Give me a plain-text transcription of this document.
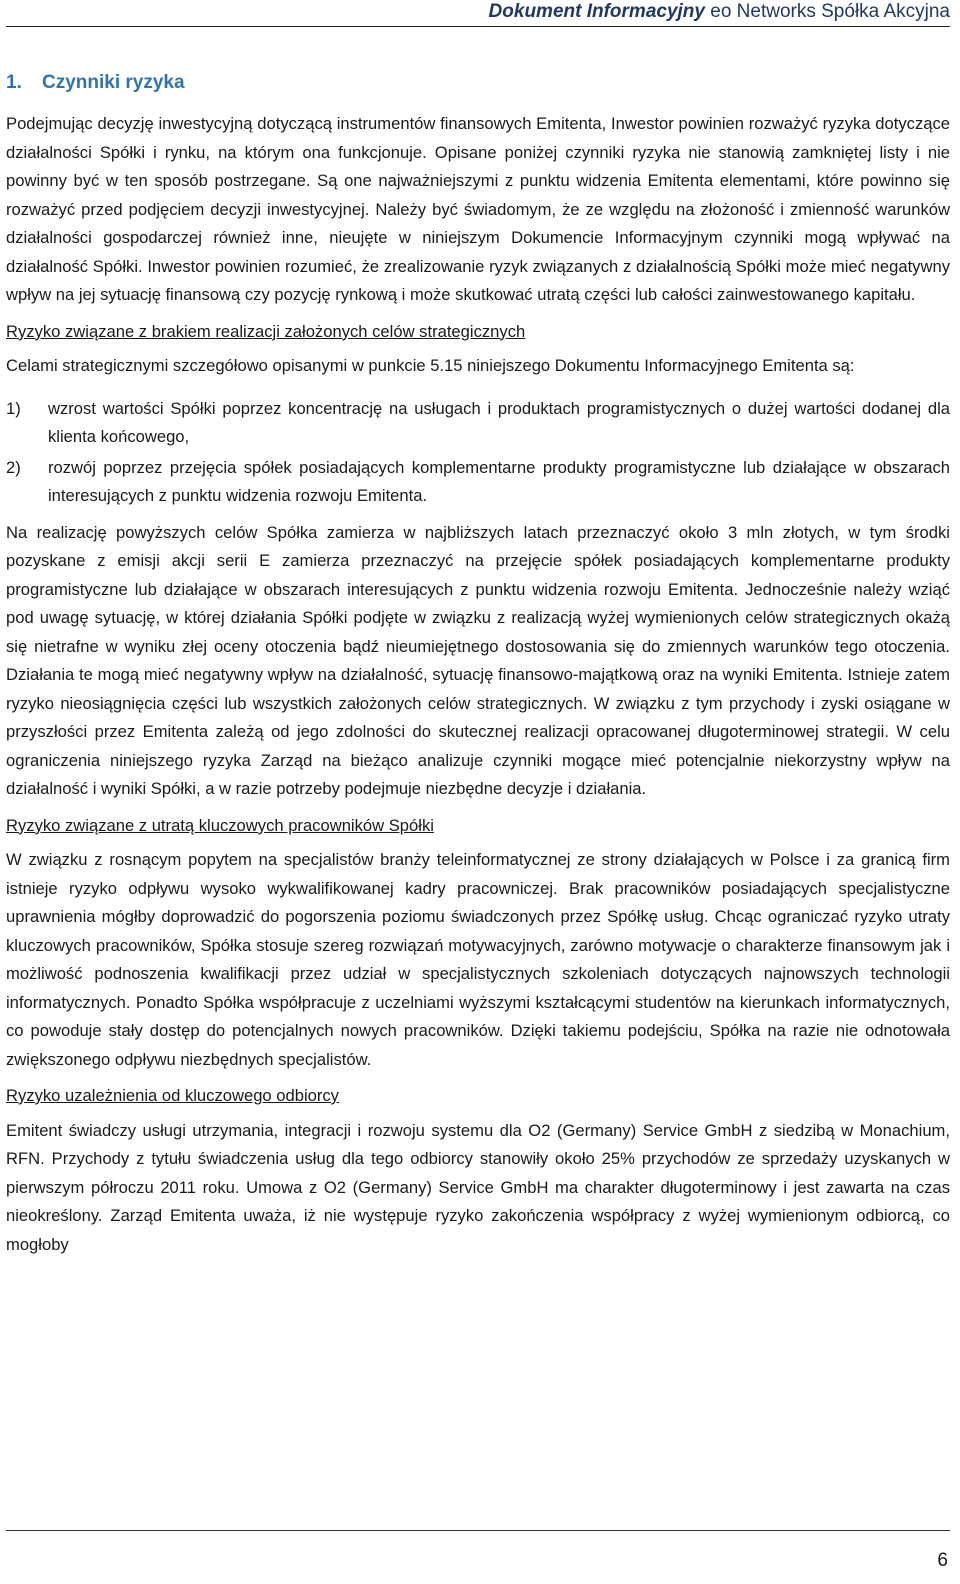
Dokument Informacyjny eo Networks Spółka Akcyjna
1. Czynniki ryzyka

Podejmując decyzję inwestycyjną dotyczącą instrumentów finansowych Emitenta, Inwestor powinien rozważyć ryzyka dotyczące działalności Spółki i rynku, na którym ona funkcjonuje. Opisane poniżej czynniki ryzyka nie stanowią zamkniętej listy i nie powinny być w ten sposób postrzegane. Są one najważniejszymi z punktu widzenia Emitenta elementami, które powinno się rozważyć przed podjęciem decyzji inwestycyjnej. Należy być świadomym, że ze względu na złożoność i zmienność warunków działalności gospodarczej również inne, nieujęte w niniejszym Dokumencie Informacyjnym czynniki mogą wpływać na działalność Spółki. Inwestor powinien rozumieć, że zrealizowanie ryzyk związanych z działalnością Spółki może mieć negatywny wpływ na jej sytuację finansową czy pozycję rynkową i może skutkować utratą części lub całości zainwestowanego kapitału.

Ryzyko związane z brakiem realizacji założonych celów strategicznych

Celami strategicznymi szczegółowo opisanymi w punkcie 5.15 niniejszego Dokumentu Informacyjnego Emitenta są:

1) wzrost wartości Spółki poprzez koncentrację na usługach i produktach programistycznych o dużej wartości dodanej dla klienta końcowego,
2) rozwój poprzez przejęcia spółek posiadających komplementarne produkty programistyczne lub działające w obszarach interesujących z punktu widzenia rozwoju Emitenta.

Na realizację powyższych celów Spółka zamierza w najbliższych latach przeznaczyć około 3 mln złotych, w tym środki pozyskane z emisji akcji serii E zamierza przeznaczyć na przejęcie spółek posiadających komplementarne produkty programistyczne lub działające w obszarach interesujących z punktu widzenia rozwoju Emitenta. Jednocześnie należy wziąć pod uwagę sytuację, w której działania Spółki podjęte w związku z realizacją wyżej wymienionych celów strategicznych okażą się nietrafne w wyniku złej oceny otoczenia bądź nieumiejętnego dostosowania się do zmiennych warunków tego otoczenia. Działania te mogą mieć negatywny wpływ na działalność, sytuację finansowo-majątkową oraz na wyniki Emitenta. Istnieje zatem ryzyko nieosiągnięcia części lub wszystkich założonych celów strategicznych. W związku z tym przychody i zyski osiągane w przyszłości przez Emitenta zależą od jego zdolności do skutecznej realizacji opracowanej długoterminowej strategii. W celu ograniczenia niniejszego ryzyka Zarząd na bieżąco analizuje czynniki mogące mieć potencjalnie niekorzystny wpływ na działalność i wyniki Spółki, a w razie potrzeby podejmuje niezbędne decyzje i działania.

Ryzyko związane z utratą kluczowych pracowników Spółki

W związku z rosnącym popytem na specjalistów branży teleinformatycznej ze strony działających w Polsce i za granicą firm istnieje ryzyko odpływu wysoko wykwalifikowanej kadry pracowniczej. Brak pracowników posiadających specjalistyczne uprawnienia mógłby doprowadzić do pogorszenia poziomu świadczonych przez Spółkę usług. Chcąc ograniczać ryzyko utraty kluczowych pracowników, Spółka stosuje szereg rozwiązań motywacyjnych, zarówno motywacje o charakterze finansowym jak i możliwość podnoszenia kwalifikacji przez udział w specjalistycznych szkoleniach dotyczących najnowszych technologii informatycznych. Ponadto Spółka współpracuje z uczelniami wyższymi kształcącymi studentów na kierunkach informatycznych, co powoduje stały dostęp do potencjalnych nowych pracowników. Dzięki takiemu podejściu, Spółka na razie nie odnotowała zwiększonego odpływu niezbędnych specjalistów.

Ryzyko uzależnienia od kluczowego odbiorcy

Emitent świadczy usługi utrzymania, integracji i rozwoju systemu dla O2 (Germany) Service GmbH z siedzibą w Monachium, RFN. Przychody z tytułu świadczenia usług dla tego odbiorcy stanowiły około 25% przychodów ze sprzedaży uzyskanych w pierwszym półroczu 2011 roku. Umowa z O2 (Germany) Service GmbH ma charakter długoterminowy i jest zawarta na czas nieokreślony. Zarząd Emitenta uważa, iż nie występuje ryzyko zakończenia współpracy z wyżej wymienionym odbiorcą, co mogłoby

6
